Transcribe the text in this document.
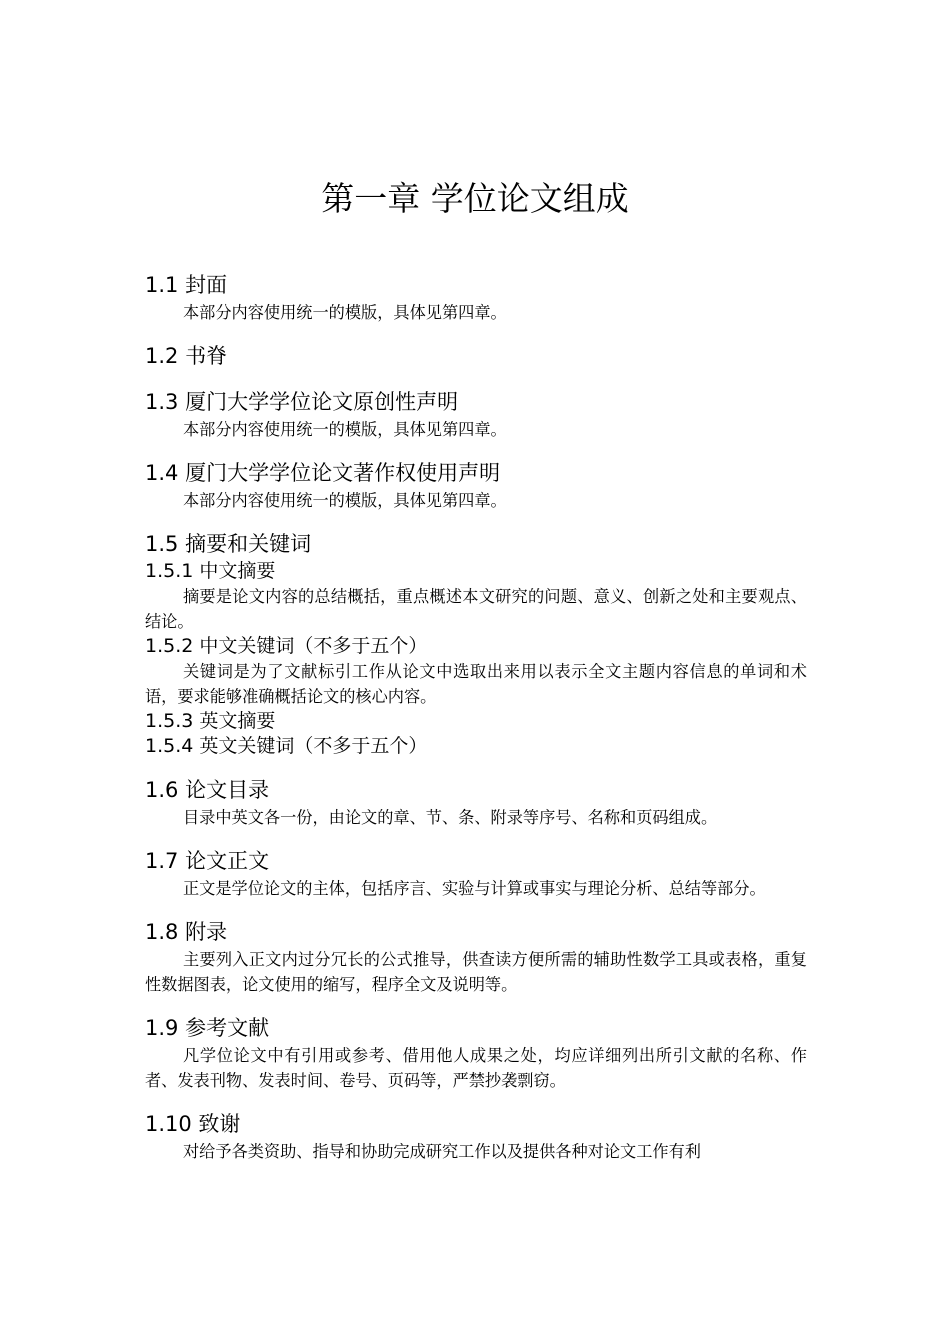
第一章 学位论文组成
1.1 封面

本部分内容使用统一的模版，具体见第四章。

1.2 书脊
1.3 厦门大学学位论文原创性声明

本部分内容使用统一的模版，具体见第四章。

1.4 厦门大学学位论文著作权使用声明

本部分内容使用统一的模版，具体见第四章。

1.5 摘要和关键词
1.5.1 中文摘要

摘要是论文内容的总结概括，重点概述本文研究的问题、意义、创新之处和主要观点、结论。

1.5.2 中文关键词（不多于五个）

关键词是为了文献标引工作从论文中选取出来用以表示全文主题内容信息的单词和术语，要求能够准确概括论文的核心内容。

1.5.3 英文摘要
1.5.4 英文关键词（不多于五个）
1.6 论文目录

目录中英文各一份，由论文的章、节、条、附录等序号、名称和页码组成。

1.7 论文正文

正文是学位论文的主体，包括序言、实验与计算或事实与理论分析、总结等部分。

1.8 附录

主要列入正文内过分冗长的公式推导，供查读方便所需的辅助性数学工具或表格，重复性数据图表，论文使用的缩写，程序全文及说明等。

1.9 参考文献

凡学位论文中有引用或参考、借用他人成果之处，均应详细列出所引文献的名称、作者、发表刊物、发表时间、卷号、页码等，严禁抄袭剽窃。

1.10 致谢

对给予各类资助、指导和协助完成研究工作以及提供各种对论文工作有利
